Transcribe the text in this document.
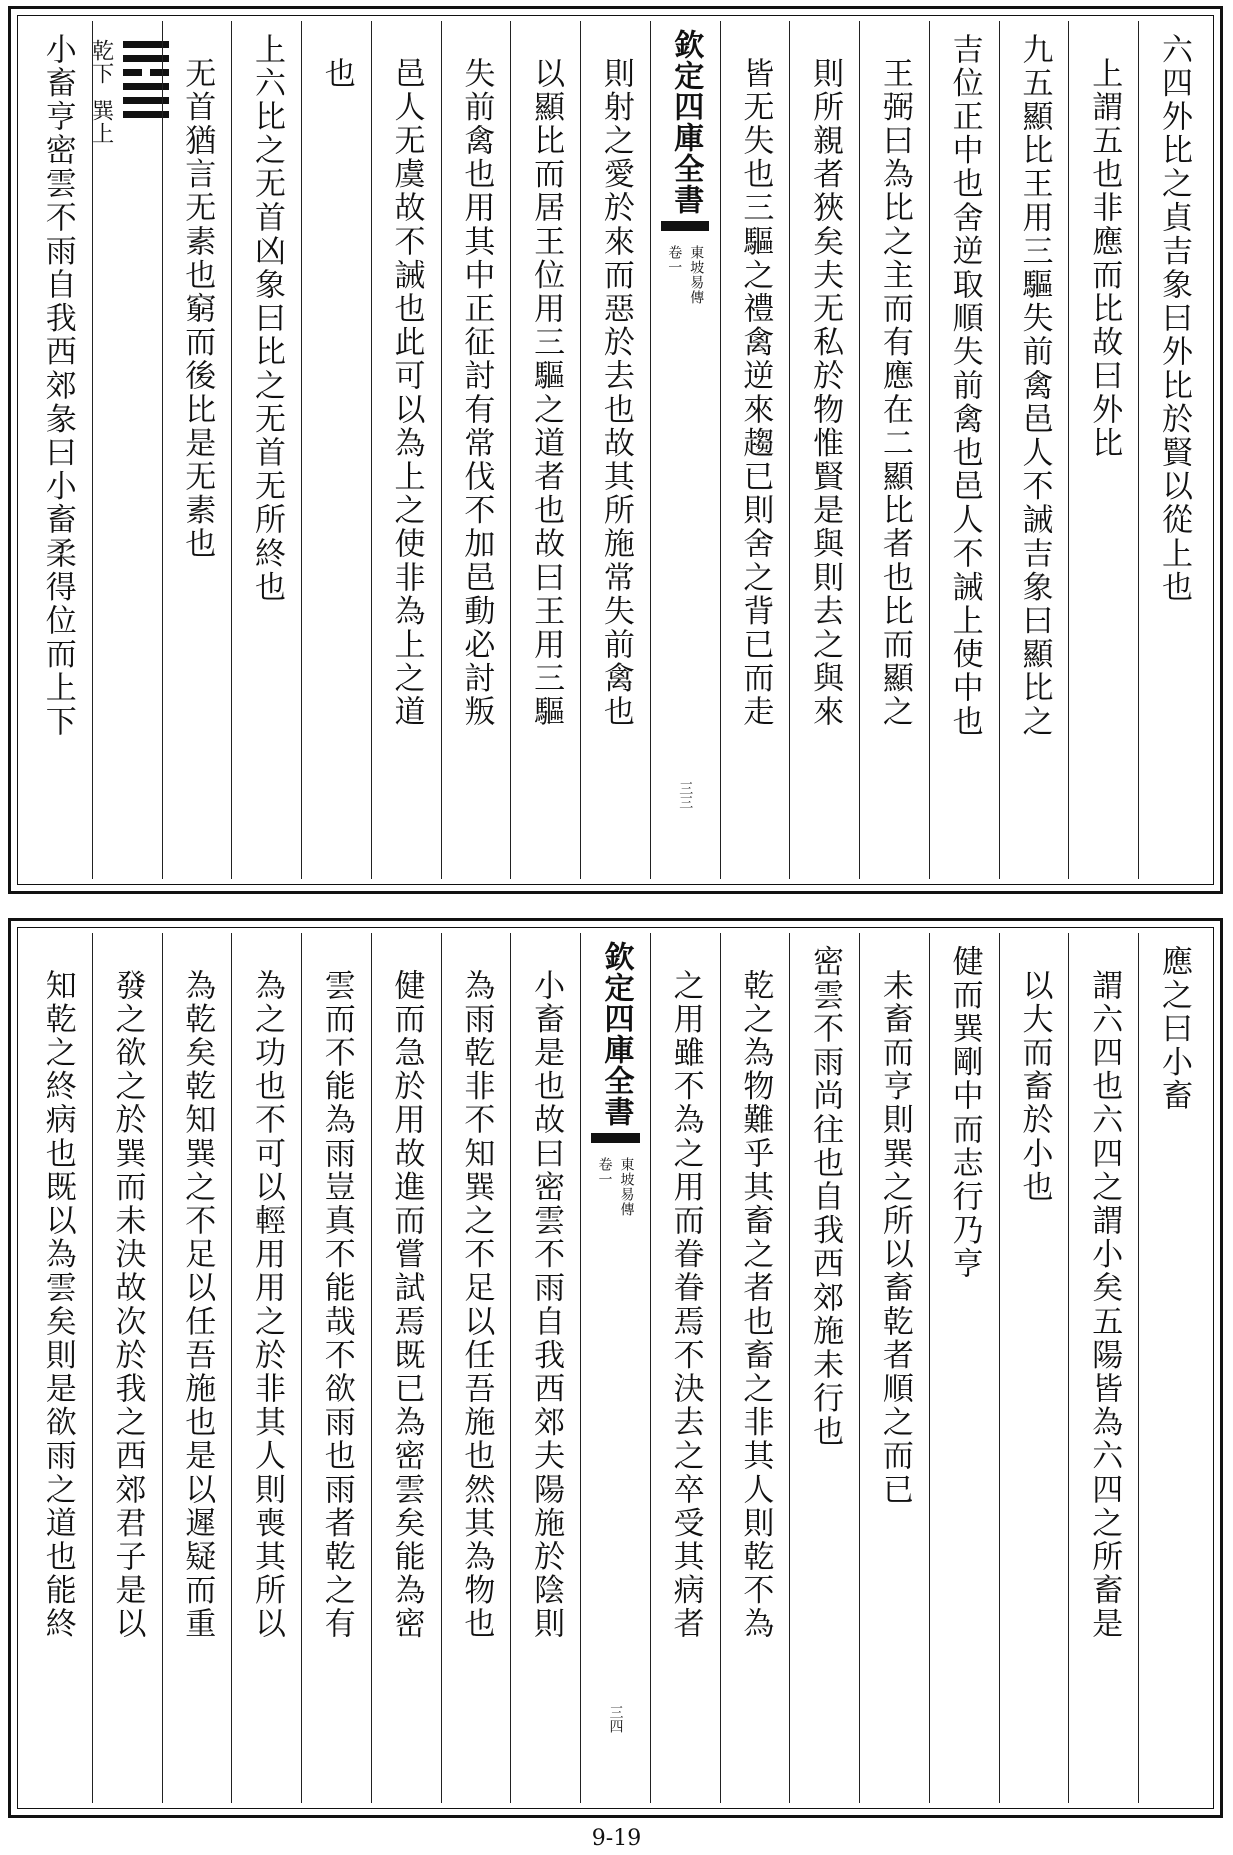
六四外比之貞吉象曰外比於賢以從上也
上謂五也非應而比故曰外比
九五顯比王用三驅失前禽邑人不誡吉象曰顯比之
吉位正中也舍逆取順失前禽也邑人不誡上使中也
王弼曰為比之主而有應在二顯比者也比而顯之
則所親者狹矣夫无私於物惟賢是與則去之與來
皆无失也三驅之禮禽逆來趨已則舍之背已而走
欽定四庫全書
東坡易傳
卷一
三三
則射之愛於來而惡於去也故其所施常失前禽也
以顯比而居王位用三驅之道者也故曰王用三驅
失前禽也用其中正征討有常伐不加邑動必討叛
邑人无虞故不誡也此可以為上之使非為上之道
也
上六比之无首凶象曰比之无首无所終也
无首猶言无素也窮而後比是无素也
乾下
巽上
小畜亨密雲不雨自我西郊彖曰小畜柔得位而上下
應之曰小畜
謂六四也六四之謂小矣五陽皆為六四之所畜是
以大而畜於小也
健而巽剛中而志行乃亨
未畜而亨則巽之所以畜乾者順之而已
密雲不雨尚往也自我西郊施未行也
乾之為物難乎其畜之者也畜之非其人則乾不為
之用雖不為之用而眷眷焉不決去之卒受其病者
欽定四庫全書
東坡易傳
卷一
三四
小畜是也故曰密雲不雨自我西郊夫陽施於陰則
為雨乾非不知巽之不足以任吾施也然其為物也
健而急於用故進而嘗試焉既已為密雲矣能為密
雲而不能為雨豈真不能哉不欲雨也雨者乾之有
為之功也不可以輕用用之於非其人則喪其所以
為乾矣乾知巽之不足以任吾施也是以遲疑而重
發之欲之於巽而未決故次於我之西郊君子是以
知乾之終病也既以為雲矣則是欲雨之道也能終
9-19
